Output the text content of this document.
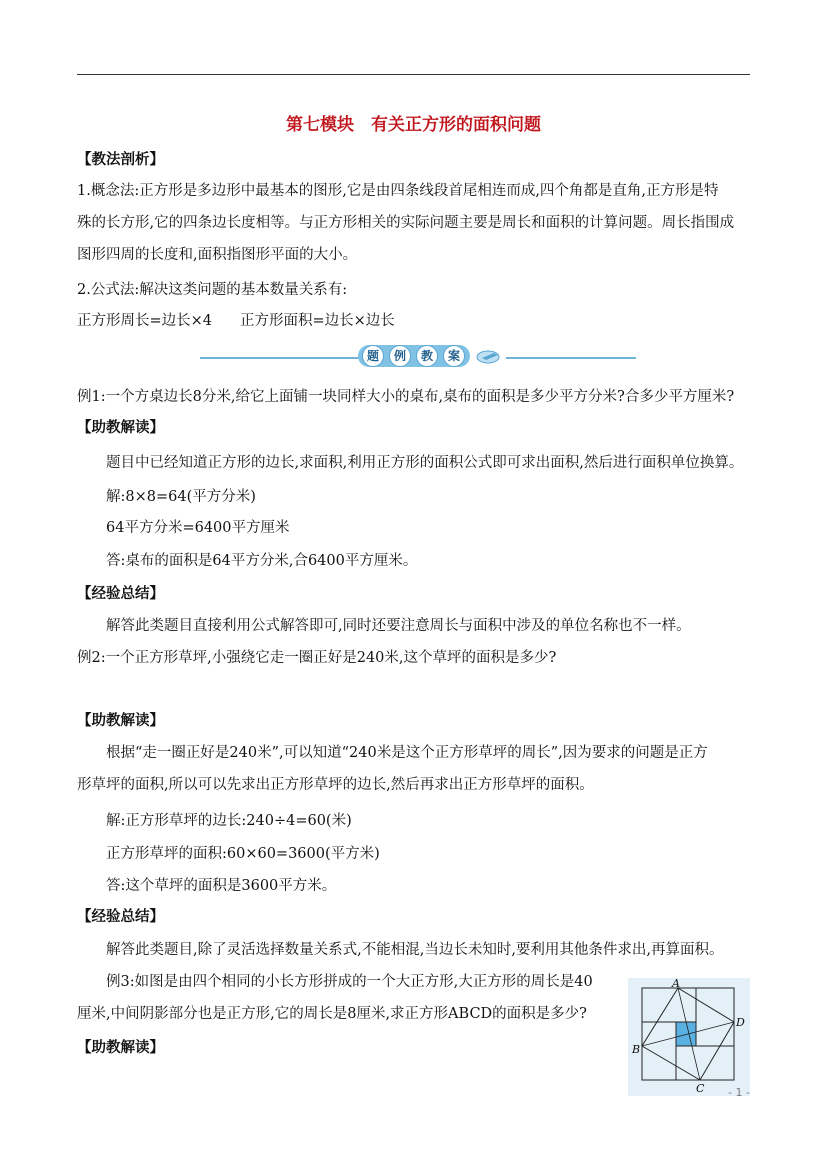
第七模块　有关正方形的面积问题
【教法剖析】
1.概念法:正方形是多边形中最基本的图形,它是由四条线段首尾相连而成,四个角都是直角,正方形是特
殊的长方形,它的四条边长度相等。与正方形相关的实际问题主要是周长和面积的计算问题。周长指围成
图形四周的长度和,面积指图形平面的大小。
2.公式法:解决这类问题的基本数量关系有:
正方形周长=边长×4 正方形面积=边长×边长
题	例	教	案
例1:一个方桌边长8分米,给它上面铺一块同样大小的桌布,桌布的面积是多少平方分米?合多少平方厘米?
【助教解读】
题目中已经知道正方形的边长,求面积,利用正方形的面积公式即可求出面积,然后进行面积单位换算。
解:8×8=64(平方分米)
64平方分米=6400平方厘米
答:桌布的面积是64平方分米,合6400平方厘米。
【经验总结】
解答此类题目直接利用公式解答即可,同时还要注意周长与面积中涉及的单位名称也不一样。
例2:一个正方形草坪,小强绕它走一圈正好是240米,这个草坪的面积是多少?
【助教解读】
根据“走一圈正好是240米”,可以知道“240米是这个正方形草坪的周长”,因为要求的问题是正方
形草坪的面积,所以可以先求出正方形草坪的边长,然后再求出正方形草坪的面积。
解:正方形草坪的边长:240÷4=60(米)
正方形草坪的面积:60×60=3600(平方米)
答:这个草坪的面积是3600平方米。
【经验总结】
解答此类题目,除了灵活选择数量关系式,不能相混,当边长未知时,要利用其他条件求出,再算面积。
例3:如图是由四个相同的小长方形拼成的一个大正方形,大正方形的周长是40
厘米,中间阴影部分也是正方形,它的周长是8厘米,求正方形ABCD的面积是多少?
【助教解读】
A
B
C
D
- 1 -
